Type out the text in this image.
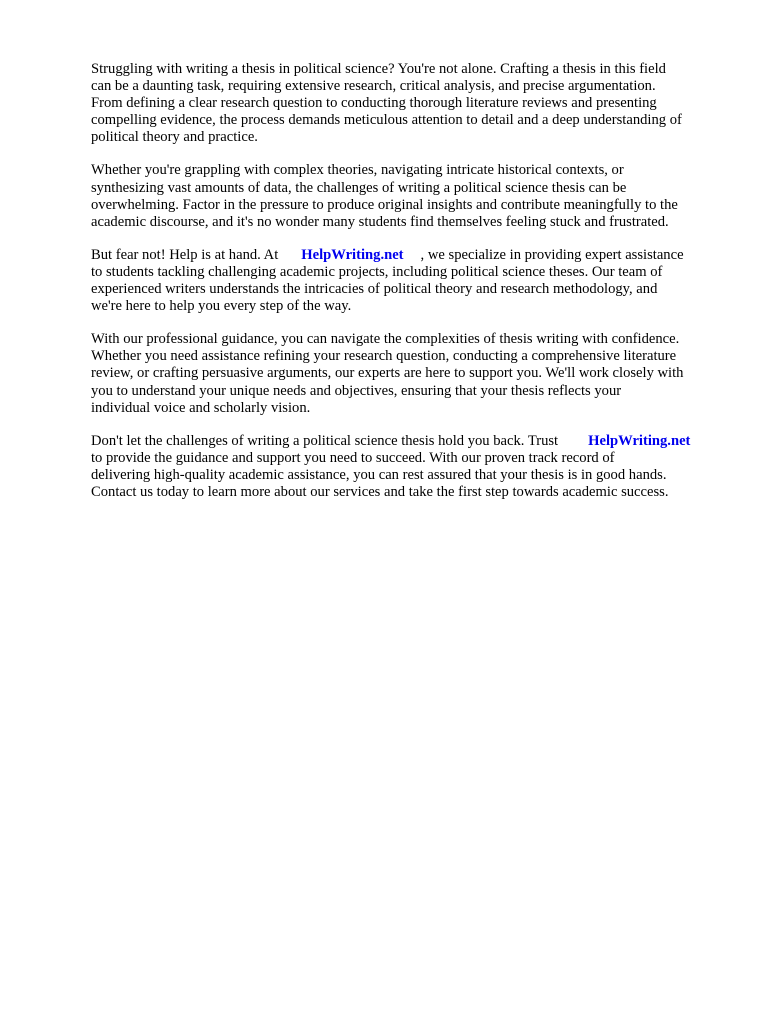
Struggling with writing a thesis in political science? You're not alone. Crafting a thesis in this field
can be a daunting task, requiring extensive research, critical analysis, and precise argumentation.
From defining a clear research question to conducting thorough literature reviews and presenting
compelling evidence, the process demands meticulous attention to detail and a deep understanding of
political theory and practice.

Whether you're grappling with complex theories, navigating intricate historical contexts, or
synthesizing vast amounts of data, the challenges of writing a political science thesis can be
overwhelming. Factor in the pressure to produce original insights and contribute meaningfully to the
academic discourse, and it's no wonder many students find themselves feeling stuck and frustrated.

But fear not! Help is at hand. At HelpWriting.net , we specialize in providing expert assistance
to students tackling challenging academic projects, including political science theses. Our team of
experienced writers understands the intricacies of political theory and research methodology, and
we're here to help you every step of the way.

With our professional guidance, you can navigate the complexities of thesis writing with confidence.
Whether you need assistance refining your research question, conducting a comprehensive literature
review, or crafting persuasive arguments, our experts are here to support you. We'll work closely with
you to understand your unique needs and objectives, ensuring that your thesis reflects your
individual voice and scholarly vision.

Don't let the challenges of writing a political science thesis hold you back. Trust HelpWriting.net
to provide the guidance and support you need to succeed. With our proven track record of
delivering high-quality academic assistance, you can rest assured that your thesis is in good hands.
Contact us today to learn more about our services and take the first step towards academic success.
